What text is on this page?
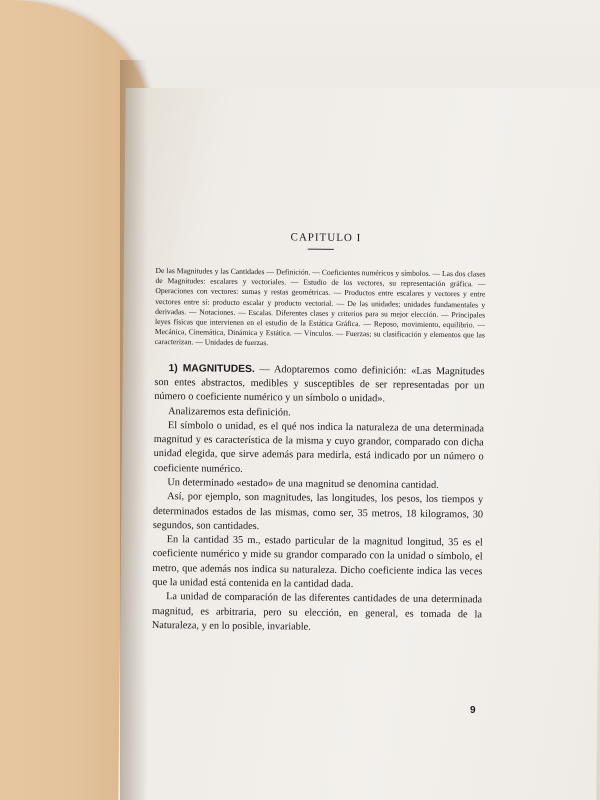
CAPITULO I
De las Magnitudes y las Cantidades — Definición. — Coeficientes numéricos y símbolos. — Las dos clases de Magnitudes: escalares y vectoriales. — Estudio de los vectores, su representación gráfica. — Operaciones con vectores: sumas y restas geométricas. — Productos entre escalares y vectores y entre vectores entre sí: producto escalar y producto vectorial. — De las unidades; unidades fundamentales y derivadas. — Notaciones. — Escalas. Diferentes clases y criterios para su mejor elección. — Principales leyes físicas que intervienen en el estudio de la Estática Gráfica. — Reposo, movimiento, equilibrio. — Mecánica, Cinemática, Dinámica y Estática. — Vínculos. — Fuerzas; su clasificación y elementos que las caracterizan. — Unidades de fuerzas.

1) MAGNITUDES. — Adoptaremos como definición: «Las Magnitudes son entes abstractos, medibles y susceptibles de ser representadas por un número o coeficiente numérico y un símbolo o unidad».

Analizaremos esta definición.

El símbolo o unidad, es el qué nos indica la naturaleza de una determinada magnitud y es característica de la misma y cuyo grandor, comparado con dicha unidad elegida, que sirve además para medirla, está indicado por un número o coeficiente numérico.

Un determinado «estado» de una magnitud se denomina cantidad.

Así, por ejemplo, son magnitudes, las longitudes, los pesos, los tiempos y determinados estados de las mismas, como ser, 35 metros, 18 kilogramos, 30 segundos, son cantidades.

En la cantidad 35 m., estado particular de la magnitud longitud, 35 es el coeficiente numérico y mide su grandor comparado con la unidad o símbolo, el metro, que además nos indica su naturaleza. Dicho coeficiente indica las veces que la unidad está contenida en la cantidad dada.

La unidad de comparación de las diferentes cantidades de una determinada magnitud, es arbitraria, pero su elección, en general, es tomada de la Naturaleza, y en lo posible, invariable.

9
